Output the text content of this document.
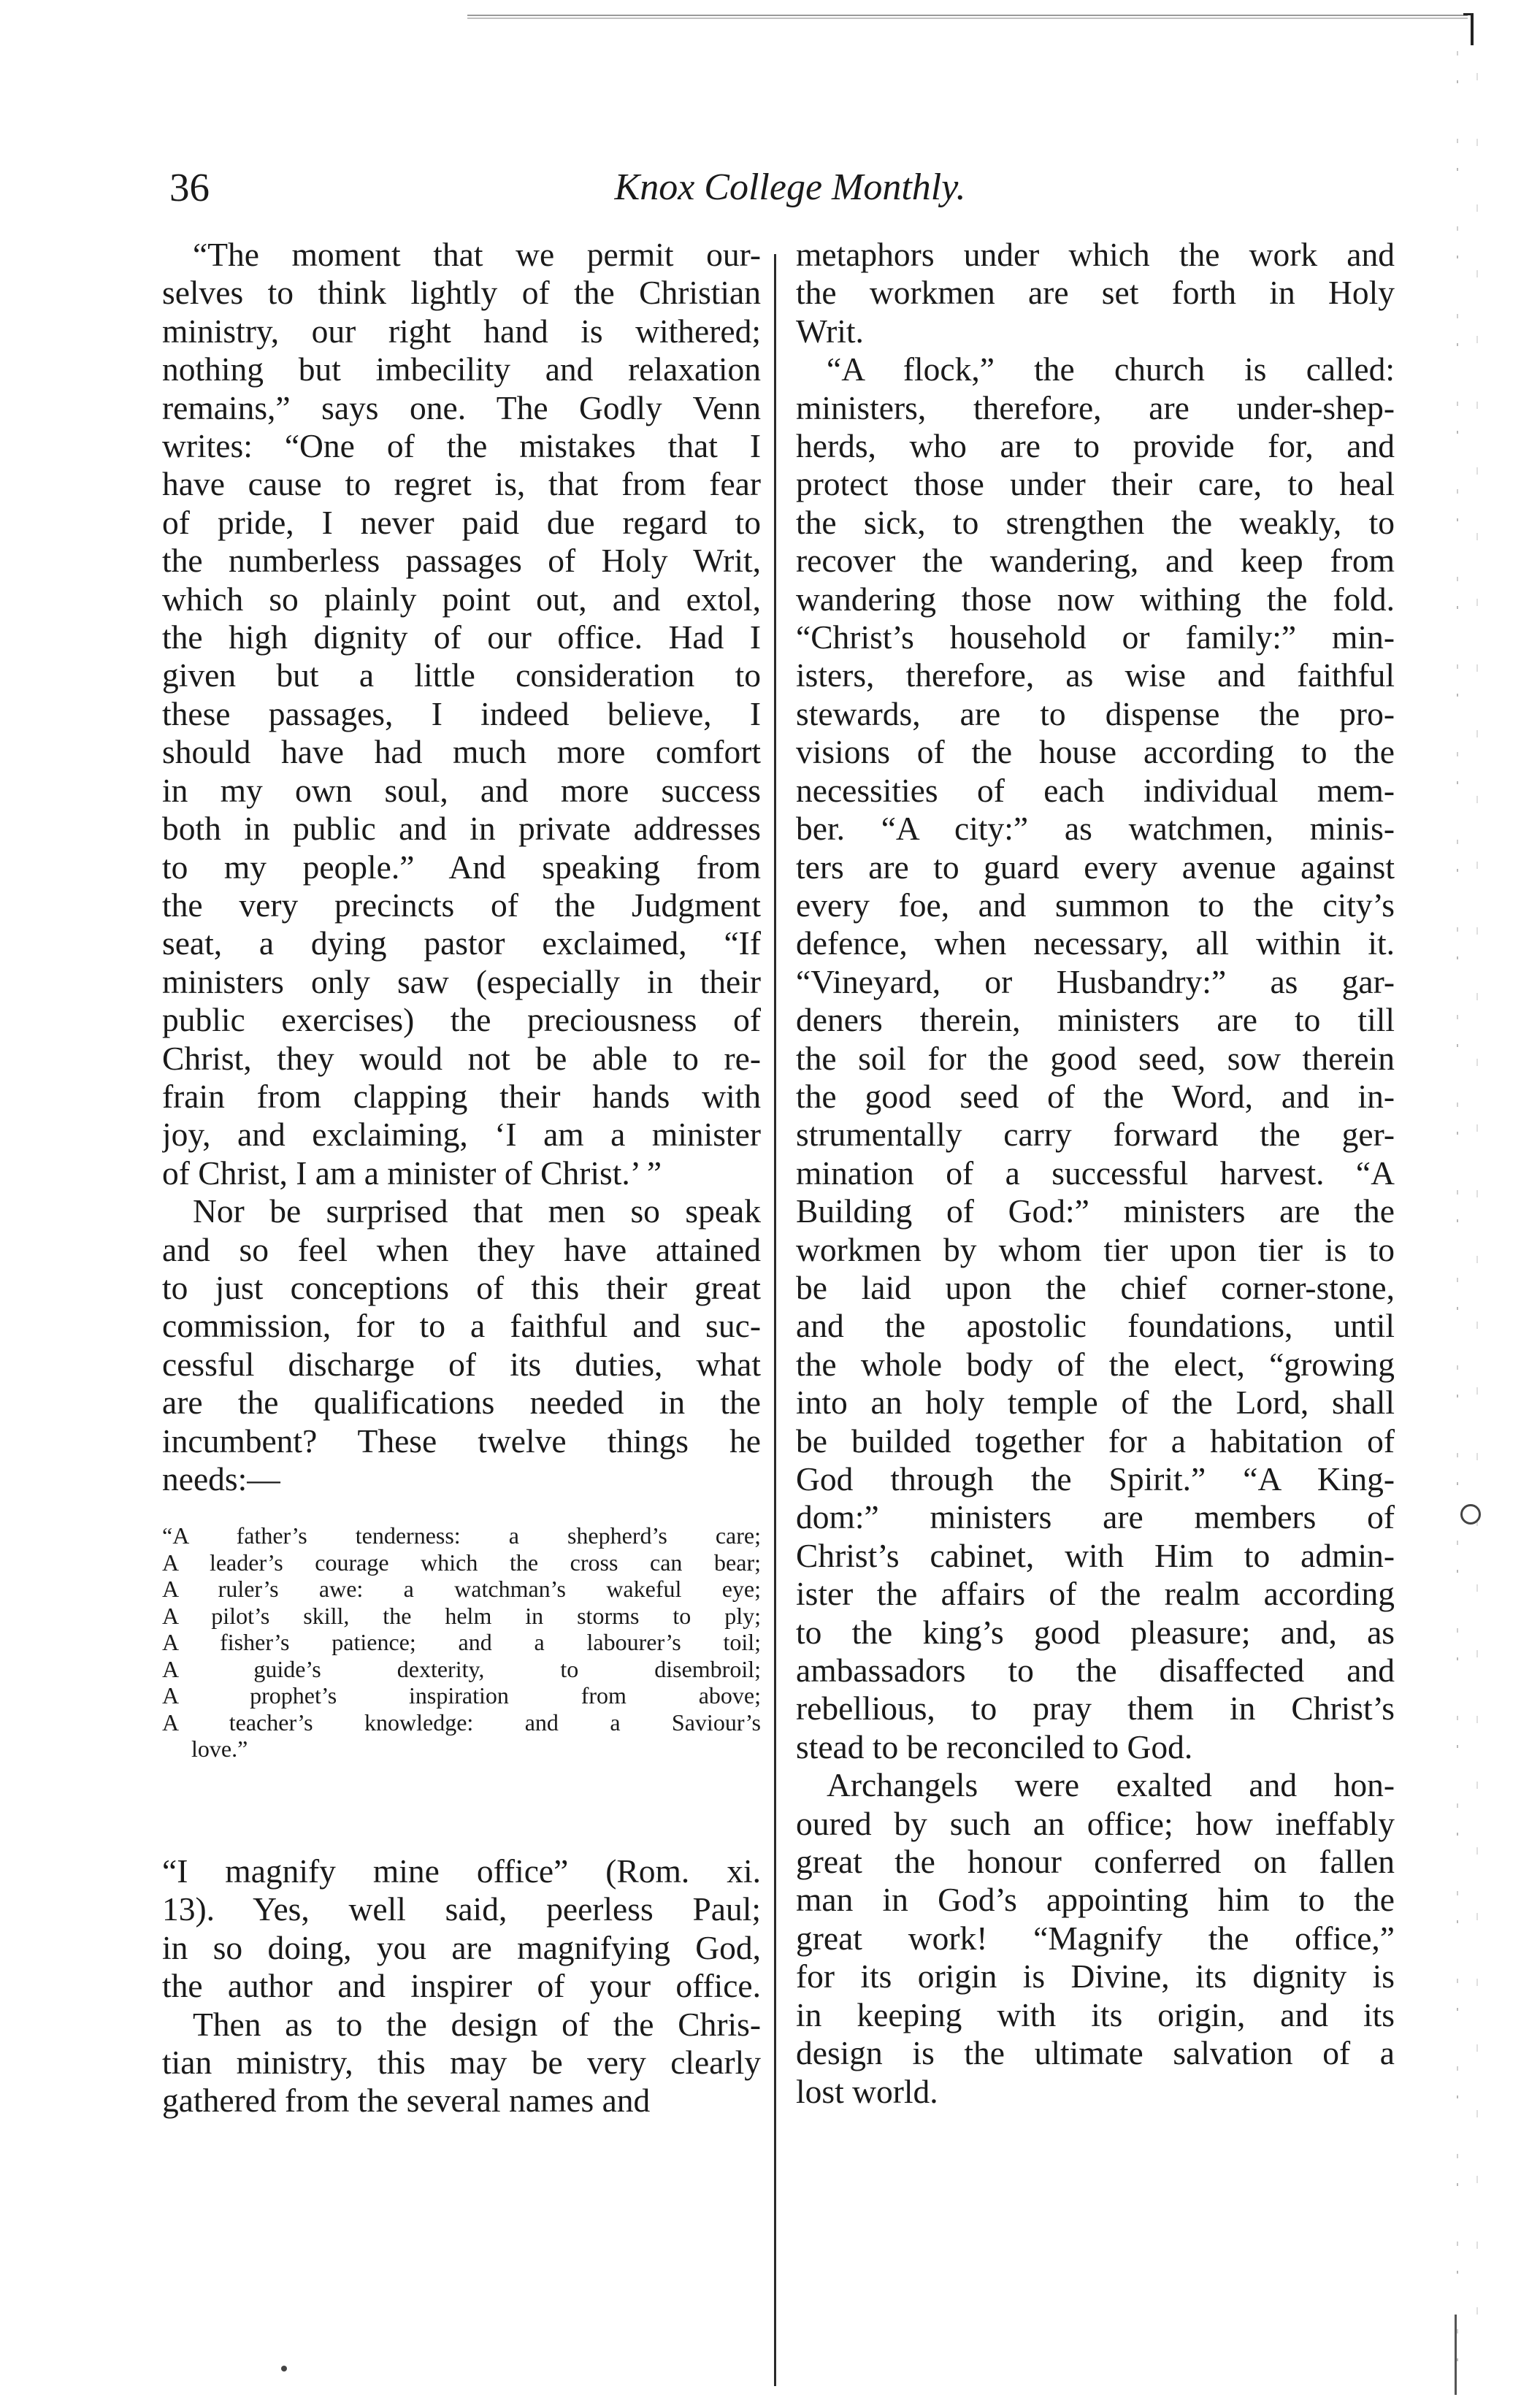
36	Knox College Monthly.
“The moment that we permit our-
selves to think lightly of the Christian
ministry, our right hand is withered;
nothing but imbecility and relaxation
remains,” says one. The Godly Venn
writes: “One of the mistakes that I
have cause to regret is, that from fear
of pride, I never paid due regard to
the numberless passages of Holy Writ,
which so plainly point out, and extol,
the high dignity of our office. Had I
given but a little consideration to
these passages, I indeed believe, I
should have had much more comfort
in my own soul, and more success
both in public and in private addresses
to my people.” And speaking from
the very precincts of the Judgment
seat, a dying pastor exclaimed, “If
ministers only saw (especially in their
public exercises) the preciousness of
Christ, they would not be able to re-
frain from clapping their hands with
joy, and exclaiming, ‘I am a minister
of Christ, I am a minister of Christ.’ ”
Nor be surprised that men so speak
and so feel when they have attained
to just conceptions of this their great
commission, for to a faithful and suc-
cessful discharge of its duties, what
are the qualifications needed in the
incumbent? These twelve things he
needs:—
“A father’s tenderness: a shepherd’s care;
A leader’s courage which the cross can bear;
A ruler’s awe: a watchman’s wakeful eye;
A pilot’s skill, the helm in storms to ply;
A fisher’s patience; and a labourer’s toil;
A guide’s dexterity, to disembroil;
A prophet’s inspiration from above;
A teacher’s knowledge: and a Saviour’s
love.”
“I magnify mine office” (Rom. xi.
13). Yes, well said, peerless Paul;
in so doing, you are magnifying God,
the author and inspirer of your office.
Then as to the design of the Chris-
tian ministry, this may be very clearly
gathered from the several names and
metaphors under which the work and
the workmen are set forth in Holy
Writ.
“A flock,” the church is called:
ministers, therefore, are under-shep-
herds, who are to provide for, and
protect those under their care, to heal
the sick, to strengthen the weakly, to
recover the wandering, and keep from
wandering those now withing the fold.
“Christ’s household or family:” min-
isters, therefore, as wise and faithful
stewards, are to dispense the pro-
visions of the house according to the
necessities of each individual mem-
ber. “A city:” as watchmen, minis-
ters are to guard every avenue against
every foe, and summon to the city’s
defence, when necessary, all within it.
“Vineyard, or Husbandry:” as gar-
deners therein, ministers are to till
the soil for the good seed, sow therein
the good seed of the Word, and in-
strumentally carry forward the ger-
mination of a successful harvest. “A
Building of God:” ministers are the
workmen by whom tier upon tier is to
be laid upon the chief corner-stone,
and the apostolic foundations, until
the whole body of the elect, “growing
into an holy temple of the Lord, shall
be builded together for a habitation of
God through the Spirit.” “A King-
dom:” ministers are members of
Christ’s cabinet, with Him to admin-
ister the affairs of the realm according
to the king’s good pleasure; and, as
ambassadors to the disaffected and
rebellious, to pray them in Christ’s
stead to be reconciled to God.
Archangels were exalted and hon-
oured by such an office; how ineffably
great the honour conferred on fallen
man in God’s appointing him to the
great work! “Magnify the office,”
for its origin is Divine, its dignity is
in keeping with its origin, and its
design is the ultimate salvation of a
lost world.
